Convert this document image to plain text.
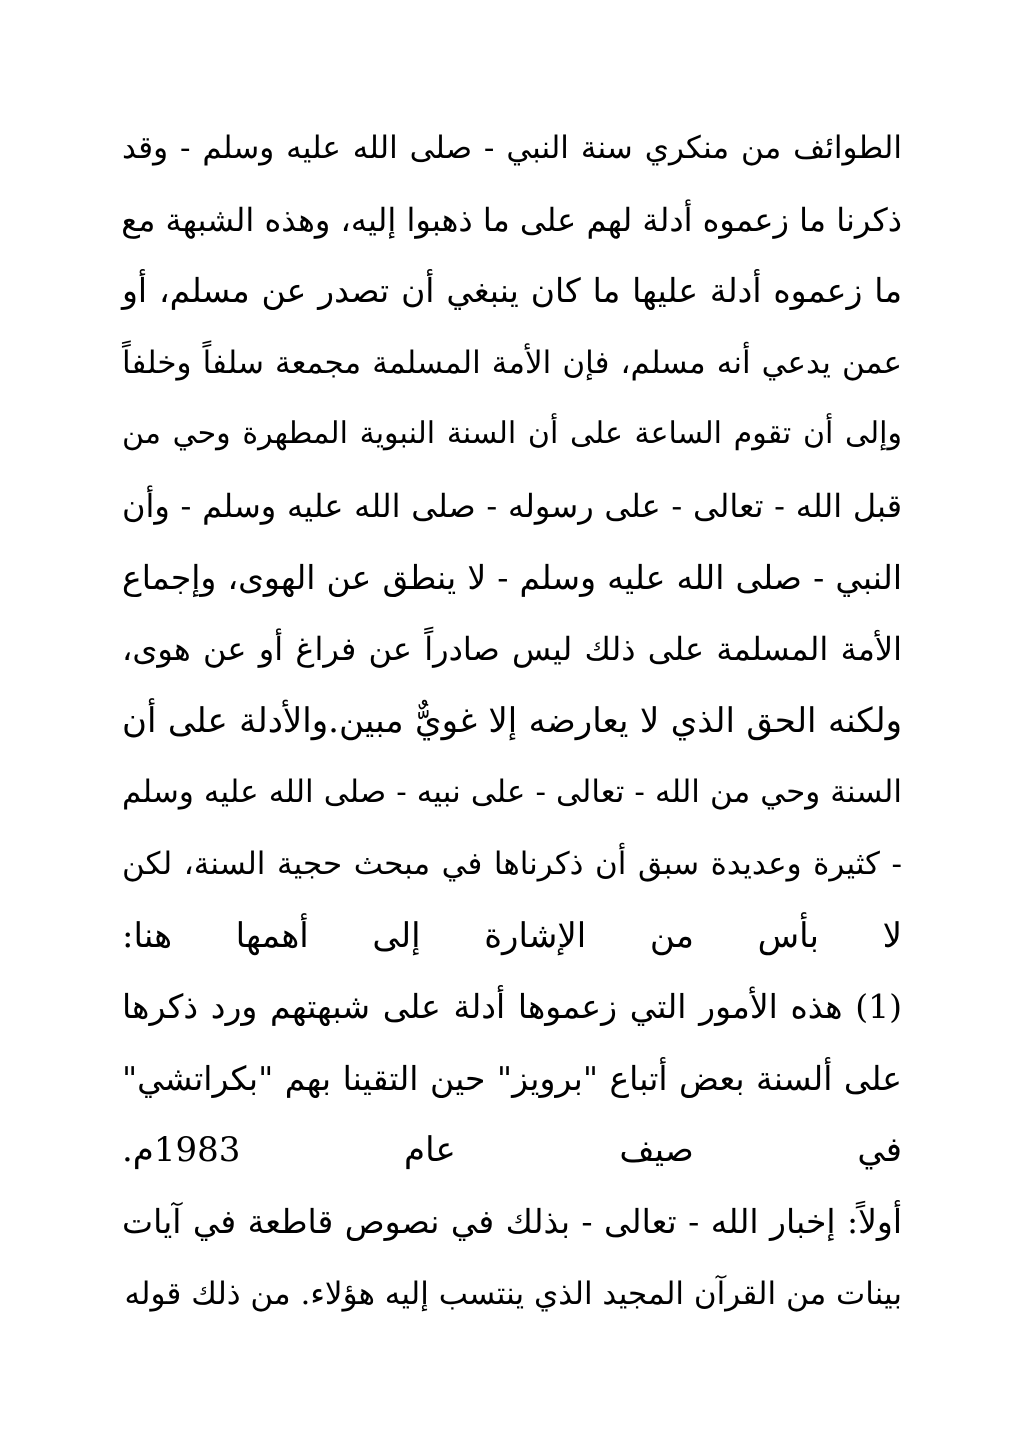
الطوائف من منكري سنة النبي - صلى الله عليه وسلم - وقد
ذكرنا ما زعموه أدلة لهم على ما ذهبوا إليه، وهذه الشبهة مع
ما زعموه أدلة عليها ما كان ينبغي أن تصدر عن مسلم، أو
عمن يدعي أنه مسلم، فإن الأمة المسلمة مجمعة سلفاً وخلفاً
وإلى أن تقوم الساعة على أن السنة النبوية المطهرة وحي من
قبل الله - تعالى - على رسوله - صلى الله عليه وسلم - وأن
النبي - صلى الله عليه وسلم - لا ينطق عن الهوى، وإجماع
الأمة المسلمة على ذلك ليس صادراً عن فراغ أو عن هوى،
ولكنه الحق الذي لا يعارضه إلا غويٌّ مبين.والأدلة على أن
السنة وحي من الله - تعالى - على نبيه - صلى الله عليه وسلم
- كثيرة وعديدة سبق أن ذكرناها في مبحث حجية السنة، لكن
لا بأس من الإشارة إلى أهمها هنا:
(1) هذه الأمور التي زعموها أدلة على شبهتهم ورد ذكرها
على ألسنة بعض أتباع "برويز" حين التقينا بهم "بكراتشي"
في صيف عام 1983م.
أولاً: إخبار الله - تعالى - بذلك في نصوص قاطعة في آيات
بينات من القرآن المجيد الذي ينتسب إليه هؤلاء. من ذلك قوله
